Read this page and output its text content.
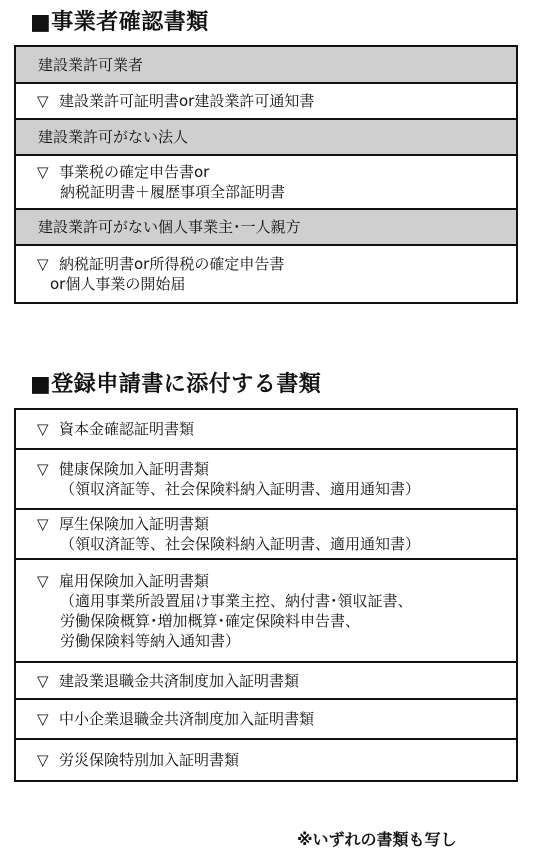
■事業者確認書類
建設業許可業者
▽ 建設業許可証明書or建設業許可通知書
建設業許可がない法人
▽ 事業税の確定申告書or
納税証明書＋履歴事項全部証明書
建設業許可がない個人事業主･一人親方
▽ 納税証明書or所得税の確定申告書
or個人事業の開始届
■登録申請書に添付する書類
▽ 資本金確認証明書類
▽ 健康保険加入証明書類
（領収済証等、社会保険料納入証明書、適用通知書）
▽ 厚生保険加入証明書類
（領収済証等、社会保険料納入証明書、適用通知書）
▽ 雇用保険加入証明書類
（適用事業所設置届け事業主控、納付書･領収証書、
労働保険概算･増加概算･確定保険料申告書、
労働保険料等納入通知書）
▽ 建設業退職金共済制度加入証明書類
▽ 中小企業退職金共済制度加入証明書類
▽ 労災保険特別加入証明書類
※いずれの書類も写し
